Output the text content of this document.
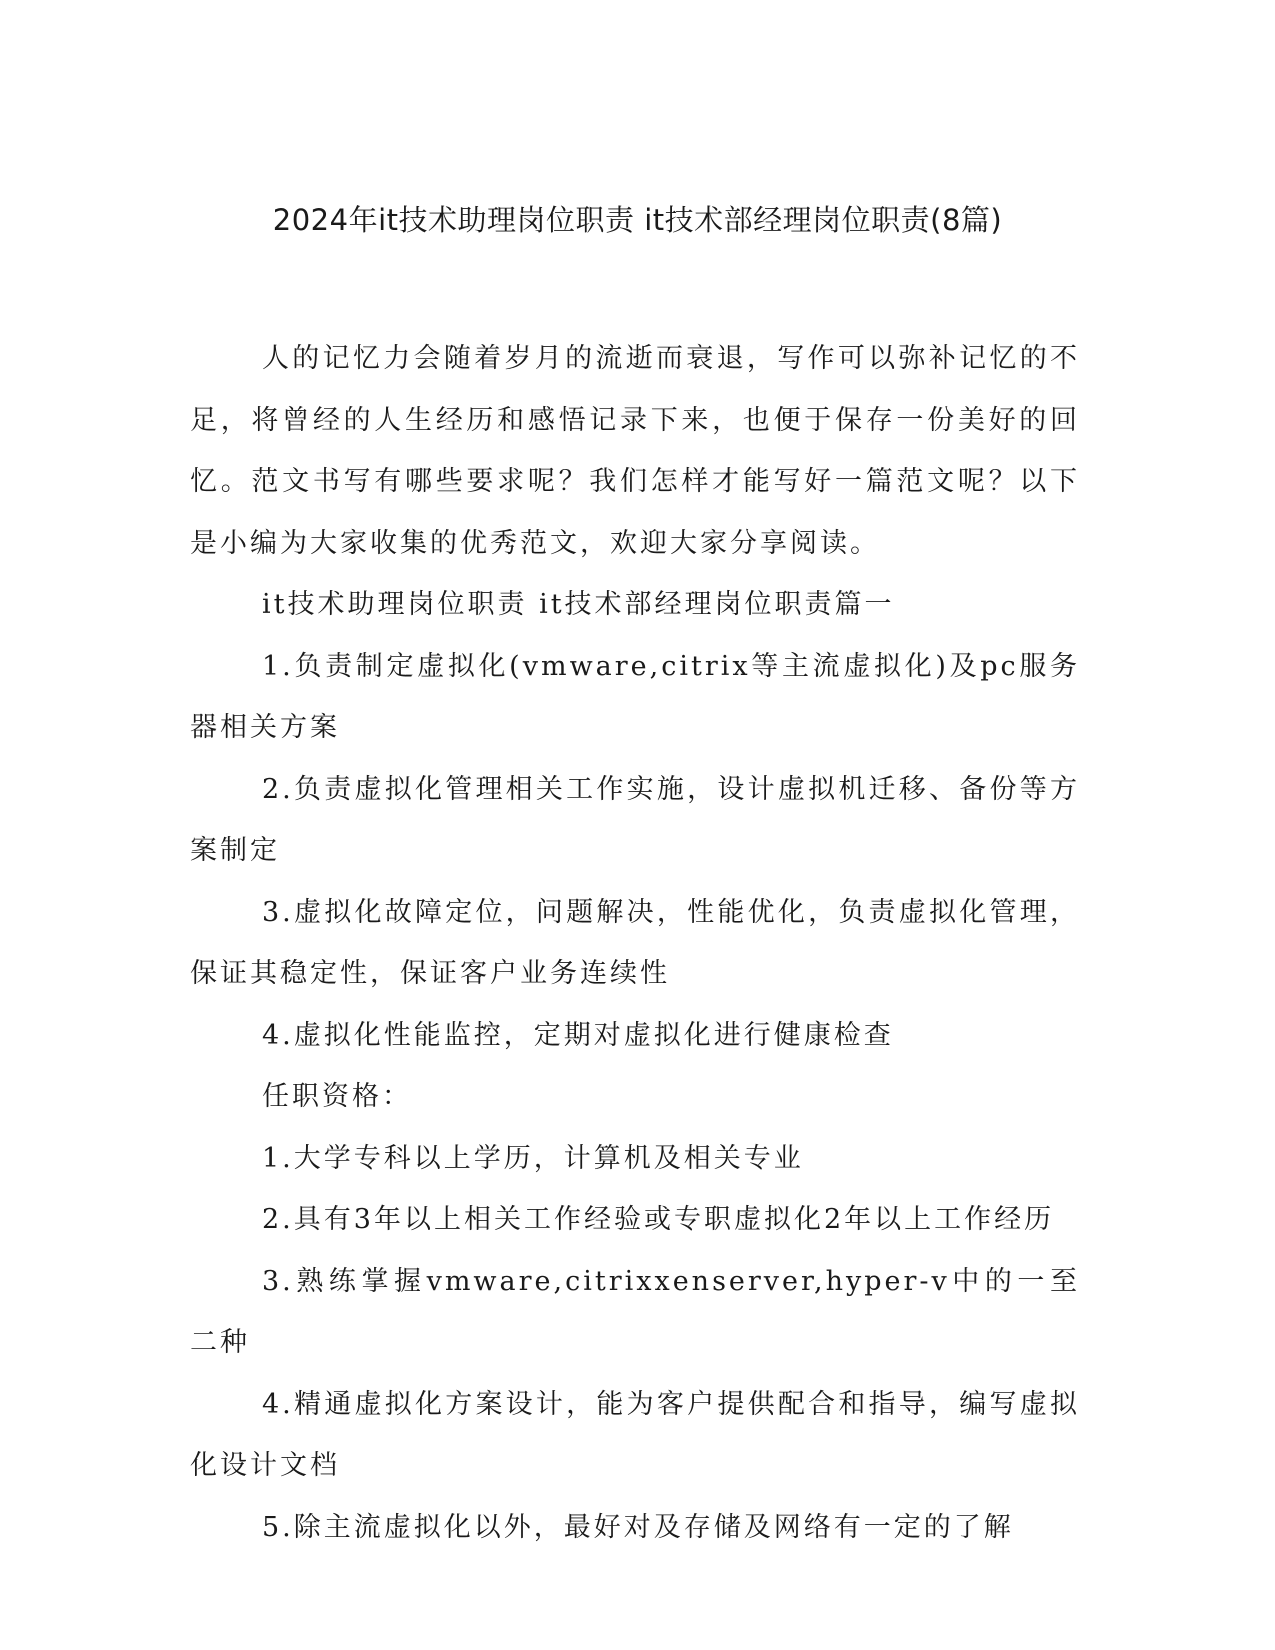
2024年it技术助理岗位职责 it技术部经理岗位职责(8篇)

人的记忆力会随着岁月的流逝而衰退，写作可以弥补记忆的不足，将曾经的人生经历和感悟记录下来，也便于保存一份美好的回忆。范文书写有哪些要求呢？我们怎样才能写好一篇范文呢？以下是小编为大家收集的优秀范文，欢迎大家分享阅读。

it技术助理岗位职责 it技术部经理岗位职责篇一

1.负责制定虚拟化(vmware,citrix等主流虚拟化)及pc服务器相关方案

2.负责虚拟化管理相关工作实施，设计虚拟机迁移、备份等方案制定

3.虚拟化故障定位，问题解决，性能优化，负责虚拟化管理，保证其稳定性，保证客户业务连续性

4.虚拟化性能监控，定期对虚拟化进行健康检查

任职资格：

1.大学专科以上学历，计算机及相关专业

2.具有3年以上相关工作经验或专职虚拟化2年以上工作经历

3.熟练掌握vmware,citrixxenserver,hyper-v中的一至二种

4.精通虚拟化方案设计，能为客户提供配合和指导，编写虚拟化设计文档

5.除主流虚拟化以外，最好对及存储及网络有一定的了解
